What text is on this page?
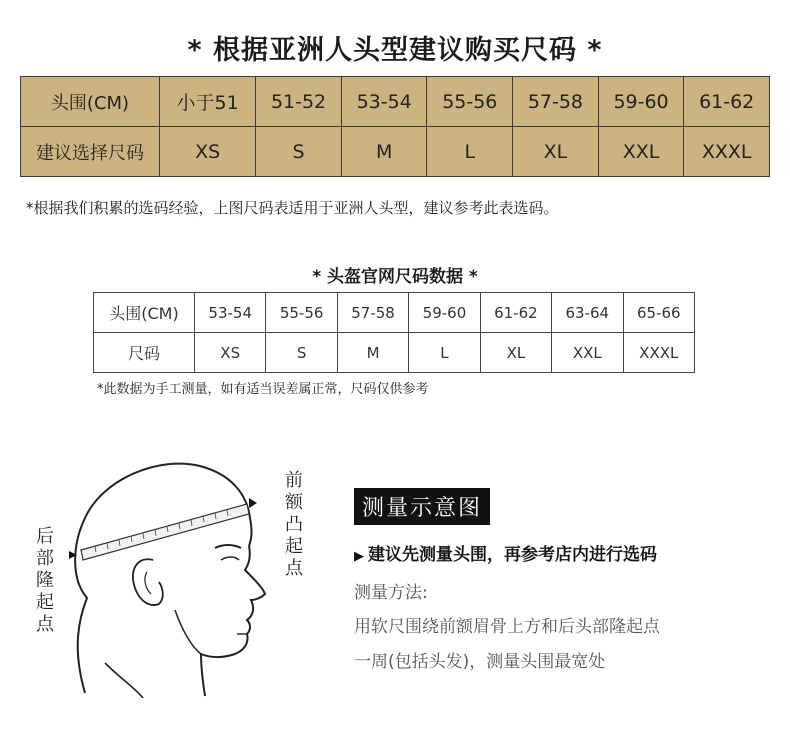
* 根据亚洲人头型建议购买尺码 *
头围(CM)	小于51	51-52	53-54	55-56	57-58	59-60	61-62
建议选择尺码	XS	S	M	L	XL	XXL	XXXL
*根据我们积累的选码经验，上图尺码表适用于亚洲人头型，建议参考此表选码。
* 头盔官网尺码数据 *
头围(CM)	53-54	55-56	57-58	59-60	61-62	63-64	65-66
尺码	XS	S	M	L	XL	XXL	XXXL
*此数据为手工测量，如有适当误差属正常，尺码仅供参考
后部隆起点
前额凸起点
测量示意图
▶ 建议先测量头围，再参考店内进行选码
测量方法:
用软尺围绕前额眉骨上方和后头部隆起点
一周(包括头发)，测量头围最宽处
